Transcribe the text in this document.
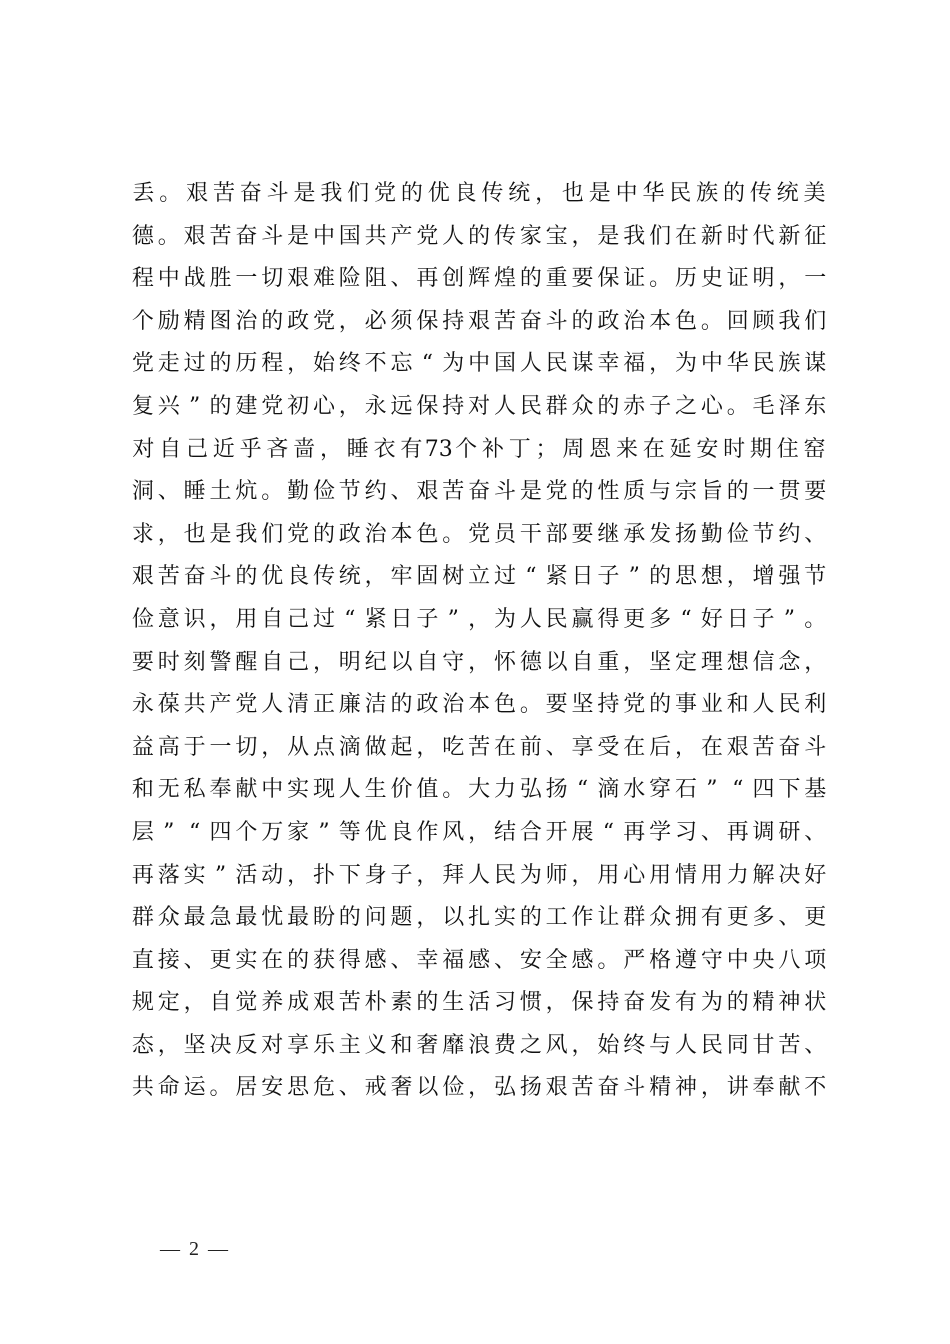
丢 。 艰 苦 奋 斗 是 我 们 党 的 优 良 传 统 ， 也 是 中 华 民 族 的 传 统 美
德 。 艰 苦 奋 斗 是 中 国 共 产 党 人 的 传 家 宝 ， 是 我 们 在 新 时 代 新 征
程 中 战 胜 一 切 艰 难 险 阻 、 再 创 辉 煌 的 重 要 保 证 。 历 史 证 明 ， 一
个 励 精 图 治 的 政 党 ， 必 须 保 持 艰 苦 奋 斗 的 政 治 本 色 。 回 顾 我 们
党 走 过 的 历 程 ， 始 终 不 忘 “ 为 中 国 人 民 谋 幸 福 ， 为 中 华 民 族 谋
复 兴 ” 的 建 党 初 心 ， 永 远 保 持 对 人 民 群 众 的 赤 子 之 心 。 毛 泽 东
对 自 己 近 乎 吝 啬 ， 睡 衣 有 73 个 补 丁 ； 周 恩 来 在 延 安 时 期 住 窑
洞 、 睡 土 炕 。 勤 俭 节 约 、 艰 苦 奋 斗 是 党 的 性 质 与 宗 旨 的 一 贯 要
求 ， 也 是 我 们 党 的 政 治 本 色 。 党 员 干 部 要 继 承 发 扬 勤 俭 节 约 、
艰 苦 奋 斗 的 优 良 传 统 ， 牢 固 树 立 过 “ 紧 日 子 ” 的 思 想 ， 增 强 节
俭 意 识 ， 用 自 己 过 “ 紧 日 子 ” ， 为 人 民 赢 得 更 多 “ 好 日 子 ” 。
要 时 刻 警 醒 自 己 ， 明 纪 以 自 守 ， 怀 德 以 自 重 ， 坚 定 理 想 信 念 ，
永 葆 共 产 党 人 清 正 廉 洁 的 政 治 本 色 。 要 坚 持 党 的 事 业 和 人 民 利
益 高 于 一 切 ， 从 点 滴 做 起 ， 吃 苦 在 前 、 享 受 在 后 ， 在 艰 苦 奋 斗
和 无 私 奉 献 中 实 现 人 生 价 值 。 大 力 弘 扬 “ 滴 水 穿 石 ” “ 四 下 基
层 ” “ 四 个 万 家 ” 等 优 良 作 风 ， 结 合 开 展 “ 再 学 习 、 再 调 研 、
再 落 实 ” 活 动 ， 扑 下 身 子 ， 拜 人 民 为 师 ， 用 心 用 情 用 力 解 决 好
群 众 最 急 最 忧 最 盼 的 问 题 ， 以 扎 实 的 工 作 让 群 众 拥 有 更 多 、 更
直 接 、 更 实 在 的 获 得 感 、 幸 福 感 、 安 全 感 。 严 格 遵 守 中 央 八 项
规 定 ， 自 觉 养 成 艰 苦 朴 素 的 生 活 习 惯 ， 保 持 奋 发 有 为 的 精 神 状
态 ， 坚 决 反 对 享 乐 主 义 和 奢 靡 浪 费 之 风 ， 始 终 与 人 民 同 甘 苦 、
共 命 运 。 居 安 思 危 、 戒 奢 以 俭 ， 弘 扬 艰 苦 奋 斗 精 神 ， 讲 奉 献 不
— 2 —
